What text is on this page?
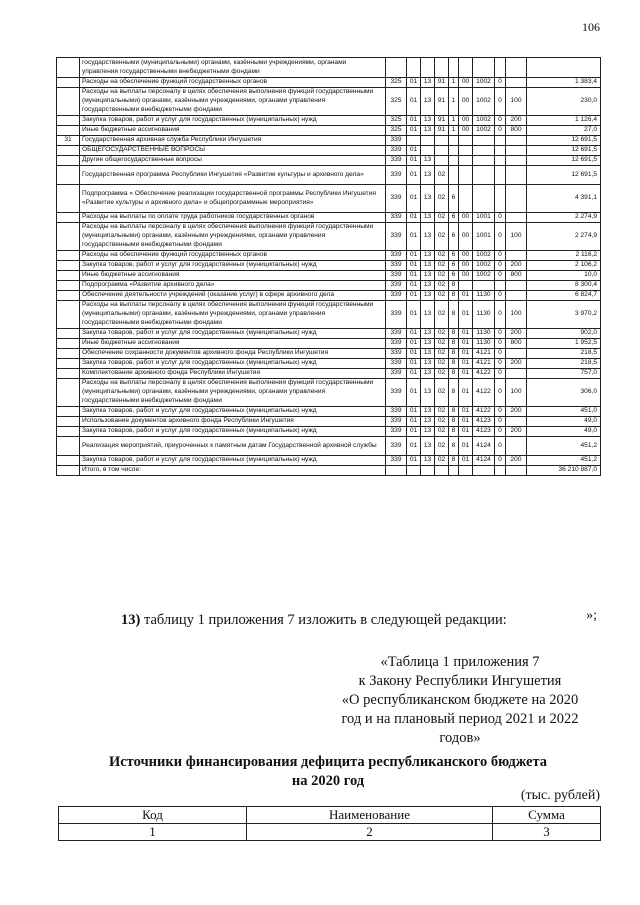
106
	государственными (муниципальными) органами, казёнными учреждениями, органами управления государственными внебюджетными фондами										
	Расходы на обеспечение функций государственных органов	325	01	13	91	1	00	1002	0		1 383,4
	Расходы на выплаты персоналу в целях обеспечения выполнения функций государственными (муниципальными) органами, казёнными учреждениями, органами управления государственными внебюджетными фондами	325	01	13	91	1	00	1002	0	100	230,0
	Закупка товаров, работ и услуг для государственных (муниципальных) нужд	325	01	13	91	1	00	1002	0	200	1 126,4
	Иные бюджетные ассигнования	325	01	13	91	1	00	1002	0	800	27,0
31	Государственная архивная служба Республики Ингушетия	339									12 691,5
	ОБЩЕГОСУДАРСТВЕННЫЕ ВОПРОСЫ	339	01								12 691,5
	Другие общегосударственные вопросы	339	01	13							12 691,5
	Государственная программа Республики Ингушетия «Развитие культуры и архивного дела»	339	01	13	02						12 691,5
	Подпрограмма « Обеспечение реализации государственной программы Республики Ингушетия «Развитие культуры и архивного дела» и общепрограммные мероприятия»	339	01	13	02	6					4 391,1
	Расходы на выплаты по оплате труда работников государственных органов	339	01	13	02	6	00	1001	0		2 274,9
	Расходы на выплаты персоналу в целях обеспечения выполнения функций государственными (муниципальными) органами, казёнными учреждениями, органами управления государственными внебюджетными фондами	339	01	13	02	6	00	1001	0	100	2 274,9
	Расходы на обеспечение функций государственных органов	339	01	13	02	6	00	1002	0		2 116,2
	Закупка товаров, работ и услуг для государственных (муниципальных) нужд	339	01	13	02	6	00	1002	0	200	2 106,2
	Иные бюджетные ассигнования	339	01	13	02	6	00	1002	0	800	10,0
	Подпрограмма «Развитие архивного дела»	339	01	13	02	8					8 300,4
	Обеспечение деятельности учреждений (оказание услуг) в сфере архивного дела	339	01	13	02	8	01	1130	0		6 824,7
	Расходы на выплаты персоналу в целях обеспечения выполнения функций государственными (муниципальными) органами, казёнными учреждениями, органами управления государственными внебюджетными фондами	339	01	13	02	8	01	1130	0	100	3 970,2
	Закупка товаров, работ и услуг для государственных (муниципальных) нужд	339	01	13	02	8	01	1130	0	200	902,0
	Иные бюджетные ассигнования	339	01	13	02	8	01	1130	0	800	1 952,5
	Обеспечение сохранности документов архивного фонда Республики Ингушетия	339	01	13	02	8	01	4121	0		218,5
	Закупка товаров, работ и услуг для государственных (муниципальных) нужд	339	01	13	02	8	01	4121	0	200	218,5
	Комплектование архивного фонда Республики Ингушетия	339	01	13	02	8	01	4122	0		757,0
	Расходы на выплаты персоналу в целях обеспечения выполнения функций государственными (муниципальными) органами, казёнными учреждениями, органами управления государственными внебюджетными фондами	339	01	13	02	8	01	4122	0	100	306,0
	Закупка товаров, работ и услуг для государственных (муниципальных) нужд	339	01	13	02	8	01	4122	0	200	451,0
	Использование документов архивного фонда Республики Ингушетия	339	01	13	02	8	01	4123	0		49,0
	Закупка товаров, работ и услуг для государственных (муниципальных) нужд	339	01	13	02	8	01	4123	0	200	49,0
	Реализация мероприятий, приуроченных к памятным датам Государственной архивной службы	339	01	13	02	8	01	4124	0		451,2
	Закупка товаров, работ и услуг для государственных (муниципальных) нужд	339	01	13	02	8	01	4124	0	200	451,2
	Итого, в том числе:										36 210 887,0
»;
13) таблицу 1 приложения 7 изложить в следующей редакции:
«Таблица 1 приложения 7
к Закону Республики Ингушетия
«О республиканском бюджете на 2020
год и на плановый период 2021 и 2022
годов»
Источники финансирования дефицита республиканского бюджета
на 2020 год
(тыс. рублей)
Код	Наименование	Сумма
1	2	3
